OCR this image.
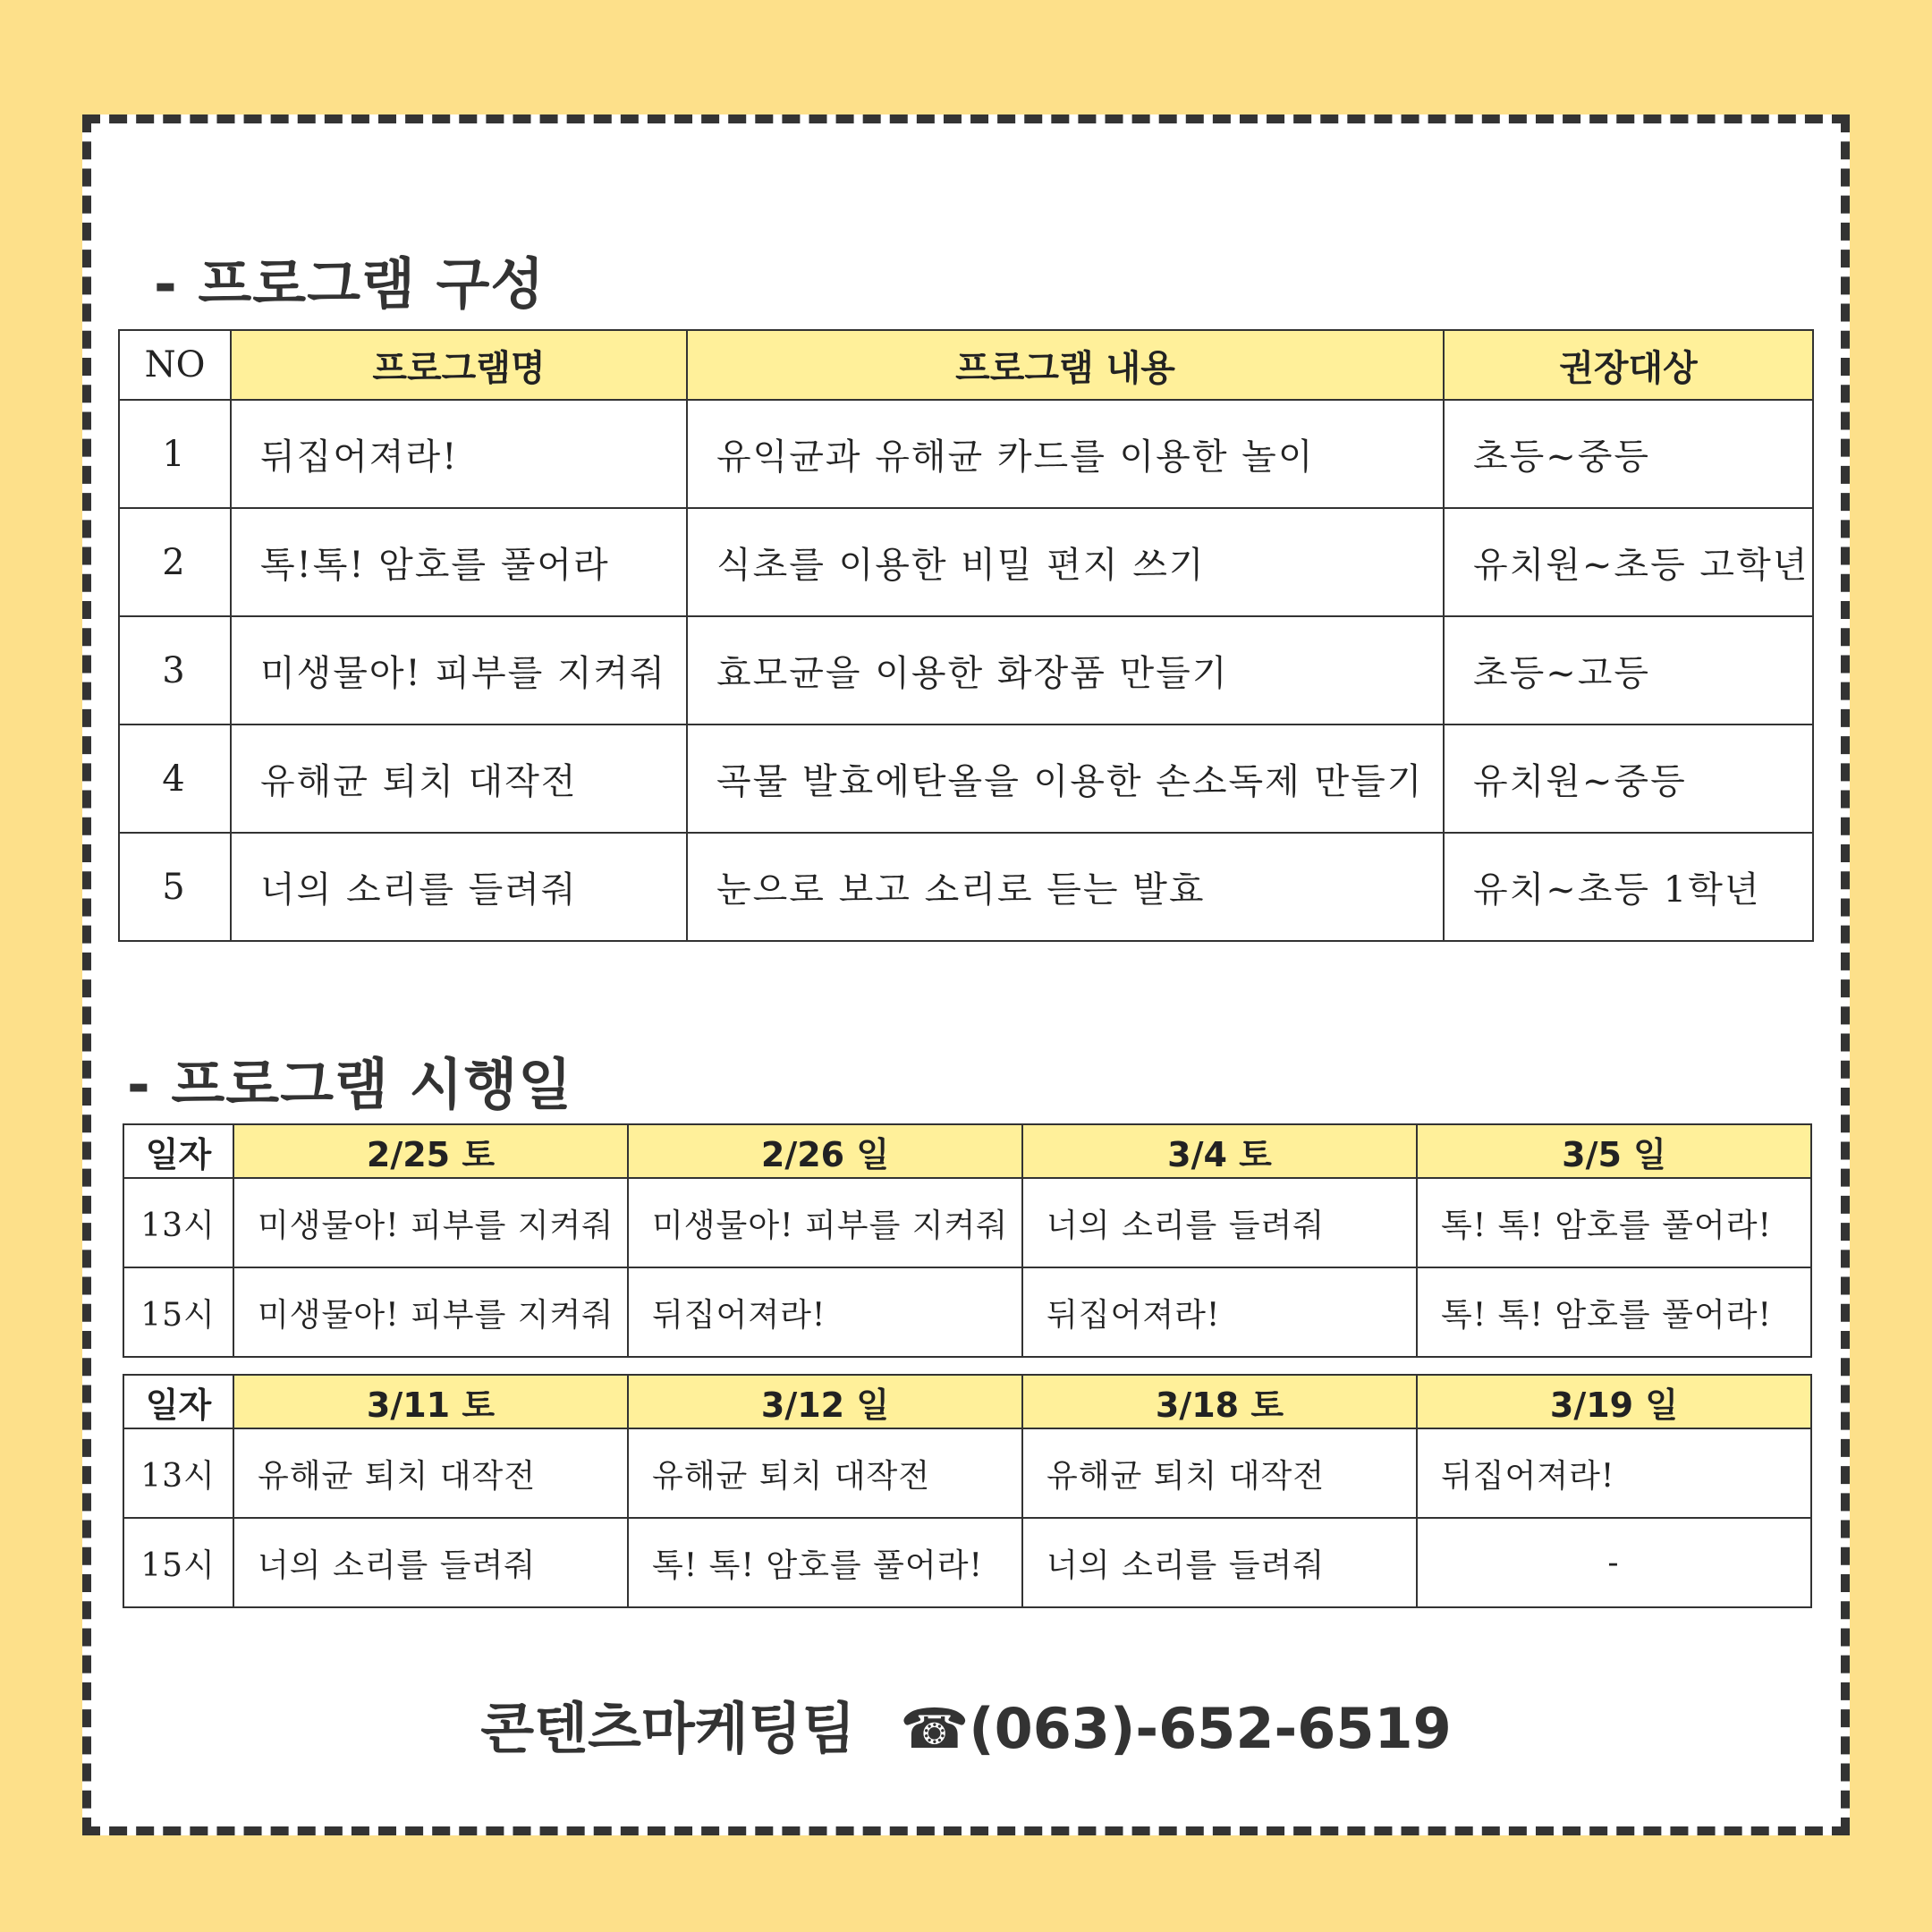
- 프로그램 구성
NO	프로그램명	프로그램 내용	권장대상
1	뒤집어져라!	유익균과 유해균 카드를 이용한 놀이	초등~중등
2	톡!톡! 암호를 풀어라	식초를 이용한 비밀 편지 쓰기	유치원~초등 고학년
3	미생물아! 피부를 지켜줘	효모균을 이용한 화장품 만들기	초등~고등
4	유해균 퇴치 대작전	곡물 발효에탄올을 이용한 손소독제 만들기	유치원~중등
5	너의 소리를 들려줘	눈으로 보고 소리로 듣는 발효	유치~초등 1학년
- 프로그램 시행일
일자	2/25 토	2/26 일	3/4 토	3/5 일
13시	미생물아! 피부를 지켜줘	미생물아! 피부를 지켜줘	너의 소리를 들려줘	톡! 톡! 암호를 풀어라!
15시	미생물아! 피부를 지켜줘	뒤집어져라!	뒤집어져라!	톡! 톡! 암호를 풀어라!
일자	3/11 토	3/12 일	3/18 토	3/19 일
13시	유해균 퇴치 대작전	유해균 퇴치 대작전	유해균 퇴치 대작전	뒤집어져라!
15시	너의 소리를 들려줘	톡! 톡! 암호를 풀어라!	너의 소리를 들려줘	-
콘텐츠마케팅팀 ☎(063)-652-6519
